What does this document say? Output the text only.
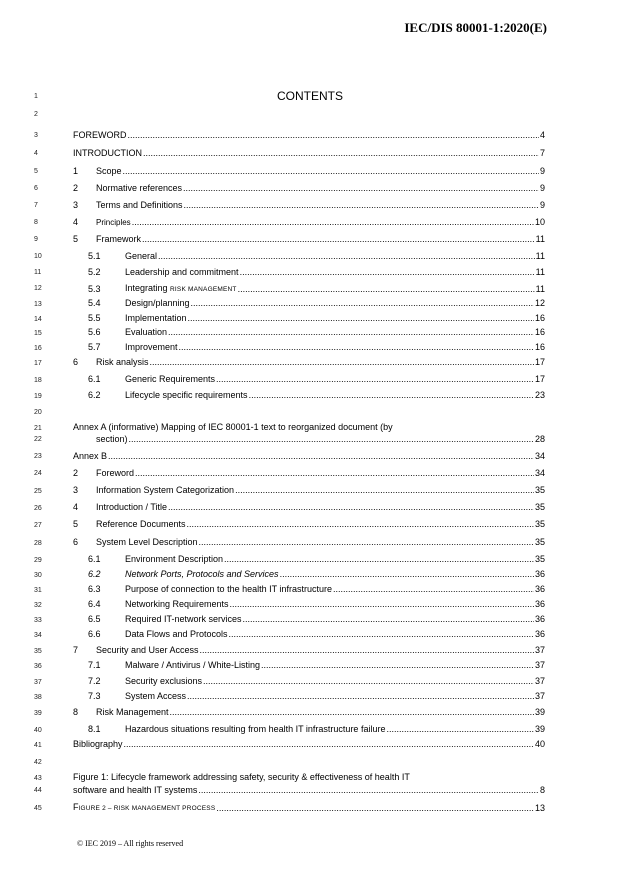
IEC/DIS 80001-1:2020(E)
CONTENTS
1
2
3
4
5
6
7
8
9
10
11
12
13
14
15
16
17
18
19
20
21
22
23
24
25
26
27
28
29
30
31
32
33
34
35
36
37
38
39
40
41
42
43
44
45
FOREWORD .....	4
INTRODUCTION .....	7
1	Scope .....	9
2	Normative references .....	9
3	Terms and Definitions .....	9
4	Principles .....	10
5	Framework .....	11
5.1	General .....	11
5.2	Leadership and commitment .....	11
5.3	Integrating RISK MANAGEMENT .....	11
5.4	Design/planning .....	12
5.5	Implementation .....	16
5.6	Evaluation .....	16
5.7	Improvement .....	16
6	Risk analysis .....	17
6.1	Generic Requirements .....	17
6.2	Lifecycle specific requirements .....	23
Annex A (informative) Mapping of IEC 80001-1 text to reorganized document (by
section) .....	28
Annex B .....	34
2	Foreword .....	34
3	Information System Categorization .....	35
4	Introduction / Title .....	35
5	Reference Documents .....	35
6	System Level Description .....	35
6.1	Environment Description .....	35
6.2	Network Ports, Protocols and Services .....	36
6.3	Purpose of connection to the health IT infrastructure .....	36
6.4	Networking Requirements .....	36
6.5	Required IT-network services .....	36
6.6	Data Flows and Protocols .....	36
7	Security and User Access .....	37
7.1	Malware / Antivirus / White-Listing .....	37
7.2	Security exclusions .....	37
7.3	System Access .....	37
8	Risk Management .....	39
8.1	Hazardous situations resulting from health IT infrastructure failure .....	39
Bibliography .....	40
Figure 1: Lifecycle framework addressing safety, security & effectiveness of health IT
software and health IT systems .....	8
FIGURE 2 – RISK MANAGEMENT PROCESS .....	13
© IEC 2019 – All rights reserved
